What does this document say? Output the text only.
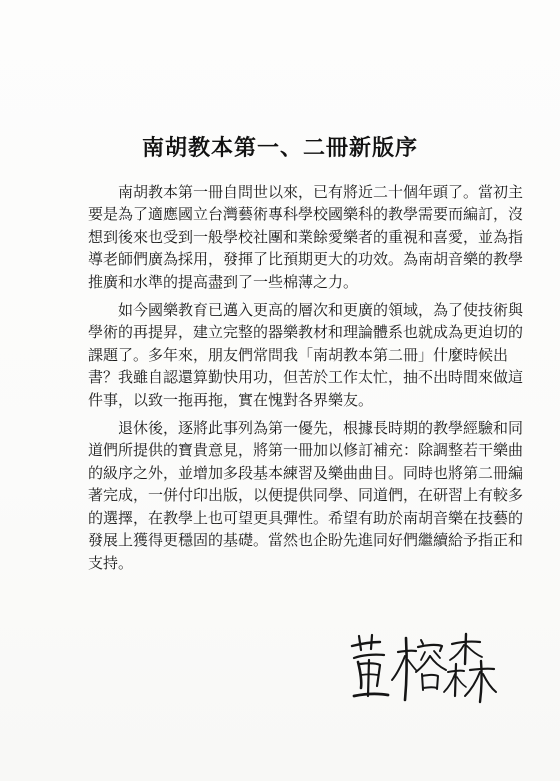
南胡教本第一、二冊新版序

　　南胡教本第一冊自問世以來，已有將近二十個年頭了。當初主
要是為了適應國立台灣藝術專科學校國樂科的教學需要而編訂，沒
想到後來也受到一般學校社團和業餘愛樂者的重視和喜愛，並為指
導老師們廣為採用，發揮了比預期更大的功效。為南胡音樂的教學
推廣和水準的提高盡到了一些棉薄之力。

　　如今國樂教育已邁入更高的層次和更廣的領域，為了使技術與
學術的再提昇，建立完整的器樂教材和理論體系也就成為更迫切的
課題了。多年來，朋友們常問我「南胡教本第二冊」什麼時候出
書？我雖自認還算勤快用功，但苦於工作太忙，抽不出時間來做這
件事，以致一拖再拖，實在愧對各界樂友。

　　退休後，逐將此事列為第一優先，根據長時期的教學經驗和同
道們所提供的寶貴意見，將第一冊加以修訂補充：除調整若干樂曲
的級序之外，並增加多段基本練習及樂曲曲目。同時也將第二冊編
著完成，一併付印出版，以便提供同學、同道們，在研習上有較多
的選擇，在教學上也可望更具彈性。希望有助於南胡音樂在技藝的
發展上獲得更穩固的基礎。當然也企盼先進同好們繼續給予指正和
支持。
